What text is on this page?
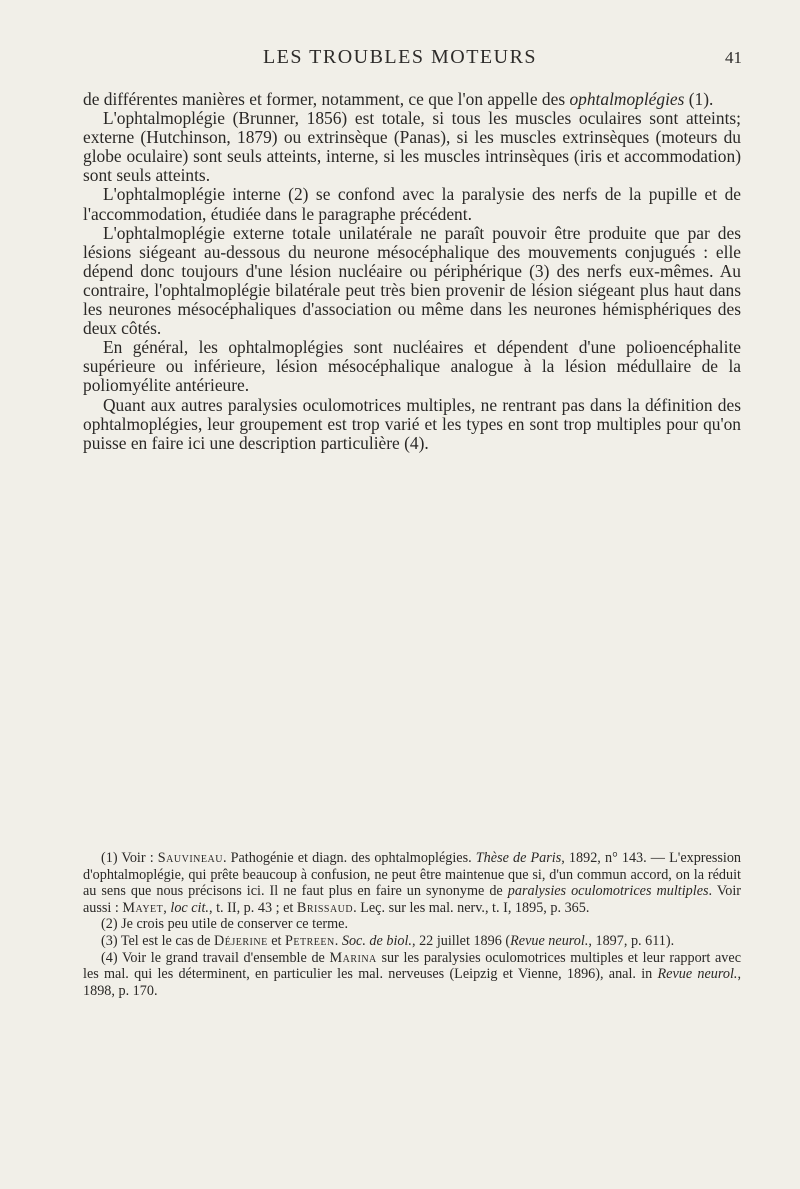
LES TROUBLES MOTEURS	41

de différentes manières et former, notamment, ce que l'on appelle des ophtalmoplégies (1).

L'ophtalmoplégie (Brunner, 1856) est totale, si tous les muscles oculaires sont atteints; externe (Hutchinson, 1879) ou extrinsèque (Panas), si les muscles extrinsèques (moteurs du globe oculaire) sont seuls atteints, interne, si les muscles intrinsèques (iris et accommodation) sont seuls atteints.

L'ophtalmoplégie interne (2) se confond avec la paralysie des nerfs de la pupille et de l'accommodation, étudiée dans le paragraphe précédent.

L'ophtalmoplégie externe totale unilatérale ne paraît pouvoir être produite que par des lésions siégeant au-dessous du neurone mésocéphalique des mouvements conjugués : elle dépend donc toujours d'une lésion nucléaire ou périphérique (3) des nerfs eux-mêmes. Au contraire, l'ophtalmoplégie bilatérale peut très bien provenir de lésion siégeant plus haut dans les neurones mésocéphaliques d'association ou même dans les neurones hémisphériques des deux côtés.

En général, les ophtalmoplégies sont nucléaires et dépendent d'une polioencéphalite supérieure ou inférieure, lésion mésocéphalique analogue à la lésion médullaire de la poliomyélite antérieure.

Quant aux autres paralysies oculomotrices multiples, ne rentrant pas dans la définition des ophtalmoplégies, leur groupement est trop varié et les types en sont trop multiples pour qu'on puisse en faire ici une description particulière (4).

(1) Voir : Sauvineau. Pathogénie et diagn. des ophtalmoplégies. Thèse de Paris, 1892, n° 143. — L'expression d'ophtalmoplégie, qui prête beaucoup à confusion, ne peut être maintenue que si, d'un commun accord, on la réduit au sens que nous précisons ici. Il ne faut plus en faire un synonyme de paralysies oculomotrices multiples. Voir aussi : Mayet, loc cit., t. II, p. 43 ; et Brissaud. Leç. sur les mal. nerv., t. I, 1895, p. 365.

(2) Je crois peu utile de conserver ce terme.

(3) Tel est le cas de Déjerine et Petreen. Soc. de biol., 22 juillet 1896 (Revue neurol., 1897, p. 611).

(4) Voir le grand travail d'ensemble de Marina sur les paralysies oculomotrices multiples et leur rapport avec les mal. qui les déterminent, en particulier les mal. nerveuses (Leipzig et Vienne, 1896), anal. in Revue neurol., 1898, p. 170.
